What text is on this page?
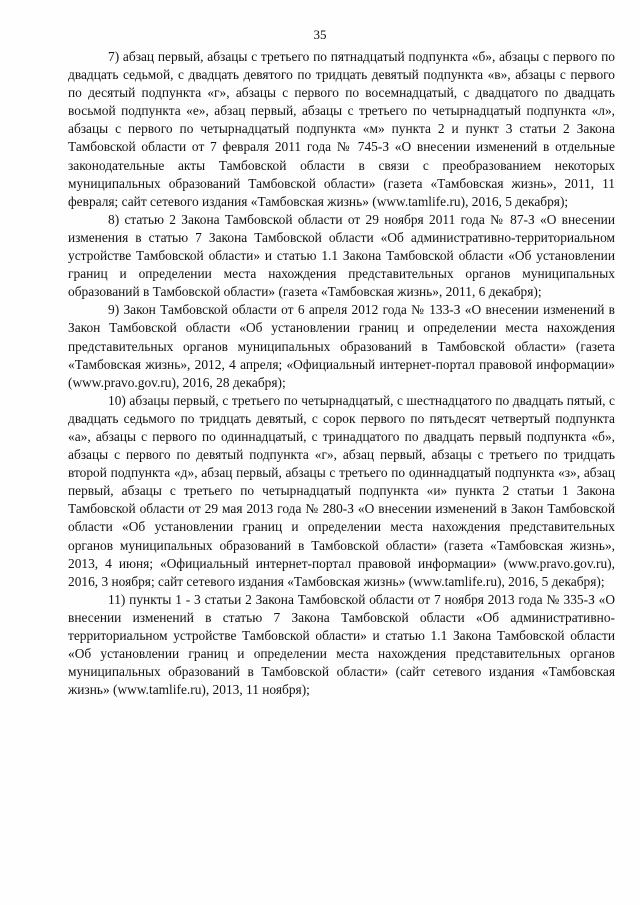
35

7) абзац первый, абзацы с третьего по пятнадцатый подпункта «б», абзацы с первого по двадцать седьмой, с двадцать девятого по тридцать девятый подпункта «в», абзацы с первого по десятый подпункта «г», абзацы с первого по восемнадцатый, с двадцатого по двадцать восьмой подпункта «е», абзац первый, абзацы с третьего по четырнадцатый подпункта «л», абзацы с первого по четырнадцатый подпункта «м» пункта 2 и пункт 3 статьи 2 Закона Тамбовской области от 7 февраля 2011 года № 745-З «О внесении изменений в отдельные законодательные акты Тамбовской области в связи с преобразованием некоторых муниципальных образований Тамбовской области» (газета «Тамбовская жизнь», 2011, 11 февраля; сайт сетевого издания «Тамбовская жизнь» (www.tamlife.ru), 2016, 5 декабря);

8) статью 2 Закона Тамбовской области от 29 ноября 2011 года № 87-З «О внесении изменения в статью 7 Закона Тамбовской области «Об административно-территориальном устройстве Тамбовской области» и статью 1.1 Закона Тамбовской области «Об установлении границ и определении места нахождения представительных органов муниципальных образований в Тамбовской области» (газета «Тамбовская жизнь», 2011, 6 декабря);

9) Закон Тамбовской области от 6 апреля 2012 года № 133-З «О внесении изменений в Закон Тамбовской области «Об установлении границ и определении места нахождения представительных органов муниципальных образований в Тамбовской области» (газета «Тамбовская жизнь», 2012, 4 апреля; «Официальный интернет-портал правовой информации» (www.pravo.gov.ru), 2016, 28 декабря);

10) абзацы первый, с третьего по четырнадцатый, с шестнадцатого по двадцать пятый, с двадцать седьмого по тридцать девятый, с сорок первого по пятьдесят четвертый подпункта «а», абзацы с первого по одиннадцатый, с тринадцатого по двадцать первый подпункта «б», абзацы с первого по девятый подпункта «г», абзац первый, абзацы с третьего по тридцать второй подпункта «д», абзац первый, абзацы с третьего по одиннадцатый подпункта «з», абзац первый, абзацы с третьего по четырнадцатый подпункта «и» пункта 2 статьи 1 Закона Тамбовской области от 29 мая 2013 года № 280-З «О внесении изменений в Закон Тамбовской области «Об установлении границ и определении места нахождения представительных органов муниципальных образований в Тамбовской области» (газета «Тамбовская жизнь», 2013, 4 июня; «Официальный интернет-портал правовой информации» (www.pravo.gov.ru), 2016, 3 ноября; сайт сетевого издания «Тамбовская жизнь» (www.tamlife.ru), 2016, 5 декабря);

11) пункты 1 - 3 статьи 2 Закона Тамбовской области от 7 ноября 2013 года № 335-З «О внесении изменений в статью 7 Закона Тамбовской области «Об административно-территориальном устройстве Тамбовской области» и статью 1.1 Закона Тамбовской области «Об установлении границ и определении места нахождения представительных органов муниципальных образований в Тамбовской области» (сайт сетевого издания «Тамбовская жизнь» (www.tamlife.ru), 2013, 11 ноября);
